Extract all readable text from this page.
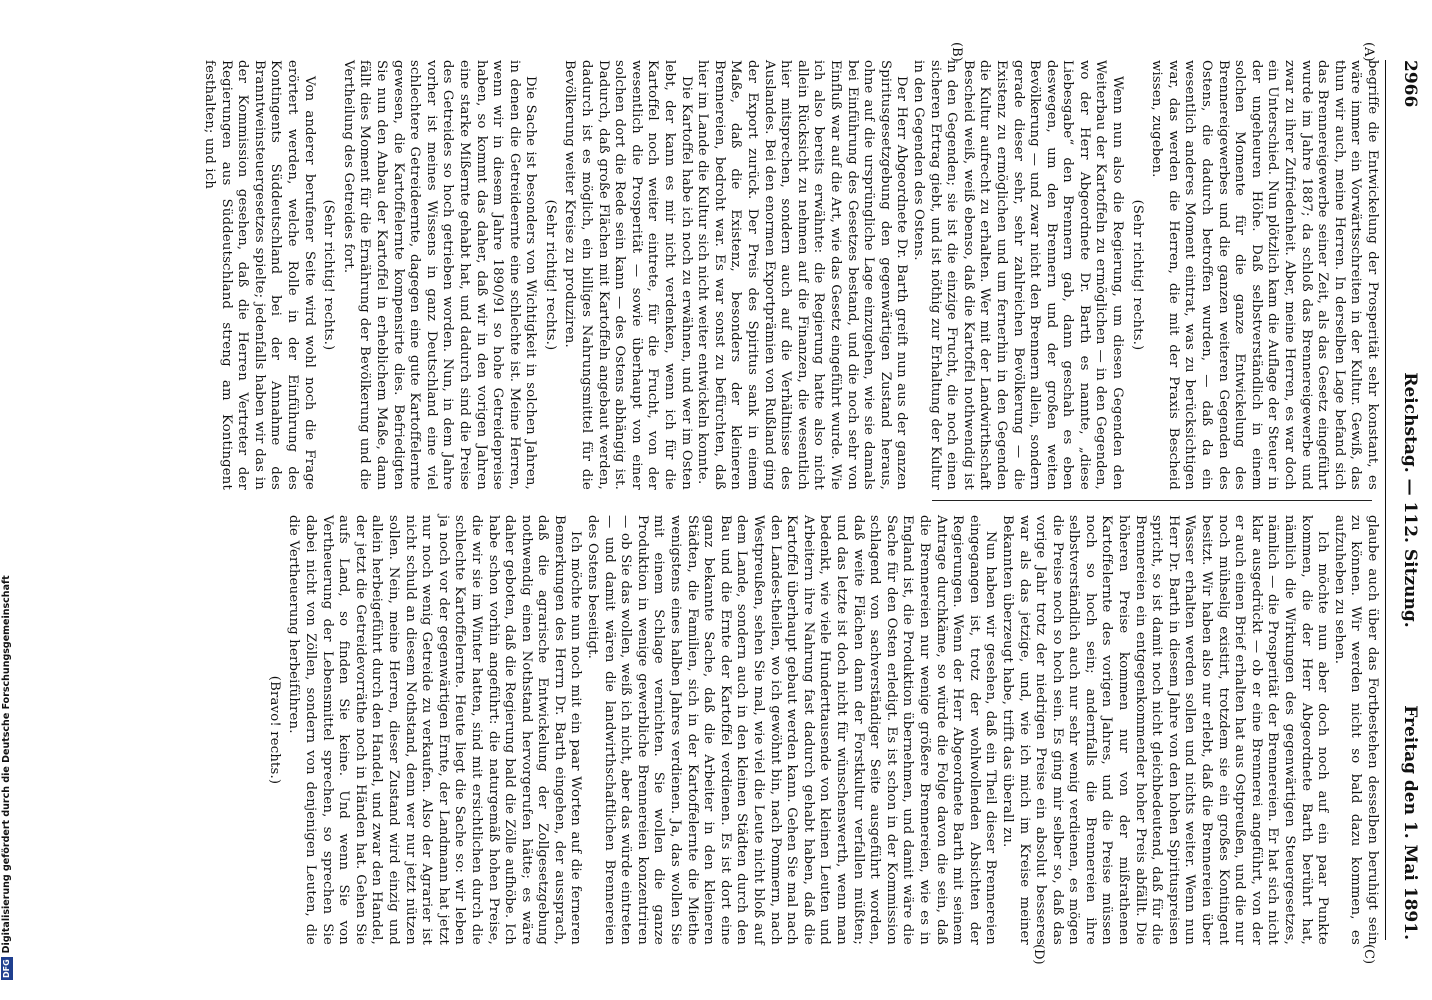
2966
Reichstag. — 112. Sitzung.
Freitag den 1. Mai 1891.
(A)
(B)
(C)
(D)

begriffe die Entwickelung der Prosperität sehr konstant, es wäre immer ein Vorwärtsschreiten in der Kultur. Gewiß, das thun wir auch, meine Herren. In derselben Lage befand sich das Brennereigewerbe seiner Zeit, als das Gesetz eingeführt wurde im Jahre 1887; da schloß das Brennereigewerbe und zwar zu ihrer Zufriedenheit. Aber, meine Herren, es war doch ein Unterschied. Nun plötzlich kam die Auflage der Steuer in der ungeheuren Höhe. Daß selbstverständlich in einem solchen Momente für die ganze Entwickelung des Brennereigewerbes und die ganzen weiteren Gegenden des Ostens, die dadurch betroffen wurden, — daß da ein wesentlich anderes Moment eintrat, was zu berücksichtigen war, das werden die Herren, die mit der Praxis Bescheid wissen, zugeben.

(Sehr richtig! rechts.)

Wenn nun also die Regierung, um diesen Gegenden den Weiterbau der Kartoffeln zu ermöglichen — in den Gegenden, wo der Herr Abgeordnete Dr. Barth es nannte, „diese Liebesgabe“ den Brennern gab, dann geschah es eben deswegen, um den Brennern und der großen weiten Bevölkerung — und zwar nicht den Brennern allein, sondern gerade dieser sehr, sehr zahlreichen Bevölkerung — die Existenz zu ermöglichen und um fernerhin in den Gegenden die Kultur aufrecht zu erhalten. Wer mit der Landwirthschaft Bescheid weiß, weiß ebenso, daß die Kartoffel nothwendig ist in den Gegenden; sie ist die einzige Frucht, die noch einen sicheren Ertrag giebt, und ist nöthig zur Erhaltung der Kultur in den Gegenden des Ostens.

Der Herr Abgeordnete Dr. Barth greift nun aus der ganzen Spiritusgesetzgebung den gegenwärtigen Zustand heraus, ohne auf die ursprüngliche Lage einzugehen, wie sie damals bei Einführung des Gesetzes bestand, und die noch sehr von Einfluß war auf die Art, wie das Gesetz eingeführt wurde. Wie ich also bereits erwähnte: die Regierung hatte also nicht allein Rücksicht zu nehmen auf die Finanzen, die wesentlich hier mitsprechen, sondern auch auf die Verhältnisse des Auslandes. Bei den enormen Exportprämien von Rußland ging der Export zurück. Der Preis des Spiritus sank in einem Maße, daß die Existenz, besonders der kleineren Brennereien, bedroht war. Es war sonst zu befürchten, daß hier im Lande die Kultur sich nicht weiter entwickeln konnte.

Die Kartoffel habe ich noch zu erwähnen, und wer im Osten lebt, der kann es mir nicht verdenken, wenn ich für die Kartoffel noch weiter eintrete, für die Frucht, von der wesentlich die Prosperität — sowie überhaupt von einer solchen dort die Rede sein kann — des Ostens abhängig ist. Dadurch, daß große Flächen mit Kartoffeln angebaut werden, dadurch ist es möglich, ein billiges Nahrungsmittel für die Bevölkerung weiter Kreise zu produziren.

(Sehr richtig! rechts.)

Die Sache ist besonders von Wichtigkeit in solchen Jahren, in denen die Getreideernte eine schlechte ist. Meine Herren, wenn wir in diesem Jahre 1890/91 so hohe Getreidepreise haben, so kommt das daher, daß wir in den vorigen Jahren eine starke Mißernte gehabt hat, und dadurch sind die Preise des Getreides so hoch getrieben worden. Nun, in dem Jahre vorher ist meines Wissens in ganz Deutschland eine viel schlechtere Getreideernte, dagegen eine gute Kartoffelernte gewesen, die Kartoffelernte kompensirte dies. Befriedigten Sie nun den Anbau der Kartoffel in erheblichem Maße, dann fällt dies Moment für die Ernährung der Bevölkerung und die Vertheilung des Getreides fort.

(Sehr richtig! rechts.)

Von anderer berufener Seite wird wohl noch die Frage erörtert werden, welche Rolle in der Einführung des Kontingents Süddeutschland bei der Annahme des Branntweinsteuergesetzes spielte; jedenfalls haben wir das in der Kommission gesehen, daß die Herren Vertreter der Regierungen aus Süddeutschland streng am Kontingent festhalten; und ich

glaube auch über das Fortbestehen desselben beruhigt sein zu können. Wir werden nicht so bald dazu kommen, es aufzuheben zu sehen.

Ich möchte nun aber doch noch auf ein paar Punkte kommen, die der Herr Abgeordnete Barth berührt hat, nämlich die Wirkungen des gegenwärtigen Steuergesetzes, nämlich — die Prosperität der Brennereien. Er hat sich nicht klar ausgedrückt — ob er eine Brennerei angeführt, von der er auch einen Brief erhalten hat aus Ostpreußen, und die nur noch mühselig existirt, trotzdem sie ein großes Kontingent besitzt. Wir haben also nur erlebt, daß die Brennereien über Wasser erhalten werden sollen und nichts weiter. Wenn nun Herr Dr. Barth in diesem Jahre von den hohen Spirituspreisen spricht, so ist damit noch nicht gleichbedeutend, daß für die Brennereien ein entgegenkommender hoher Preis abfällt. Die höheren Preise kommen nur von der mißrathenen Kartoffelernte des vorigen Jahres, und die Preise müssen noch so hoch sein; andernfalls die Brennereien ihre selbstverständlich auch nur sehr wenig verdienen, es mögen die Preise noch so hoch sein. Es ging mir selber so, daß das vorige Jahr trotz der niedrigen Preise ein absolut besseres war als das jetzige, und, wie ich mich im Kreise meiner Bekannten überzeugt habe, trifft das überall zu.

Nun haben wir gesehen, daß ein Theil dieser Brennereien eingegangen ist, trotz der wohlwollenden Absichten der Regierungen. Wenn der Herr Abgeordnete Barth mit seinem Antrage durchkäme, so würde die Folge davon die sein, daß die Brennereien nur wenige größere Brennereien, wie es in England ist, die Produktion übernehmen, und damit wäre die Sache für den Osten erledigt. Es ist schon in der Kommission schlagend von sachverständiger Seite ausgeführt worden, daß weite Flächen dann der Forstkultur verfallen müßten; und das letzte ist doch nicht für wünschenswerth, wenn man bedenkt, wie viele Hunderttausende von kleinen Leuten und Arbeitern ihre Nahrung fast dadurch gehabt haben, daß die Kartoffel überhaupt gebaut werden kann. Gehen Sie mal nach den Landes-theilen, wo ich gewöhnt bin, nach Pommern, nach Westpreußen, sehen Sie mal, wie viel die Leute nicht bloß auf dem Lande, sondern auch in den kleinen Städten durch den Bau und die Ernte der Kartoffel verdienen. Es ist dort eine ganz bekannte Sache, daß die Arbeiter in den kleineren Städten, die Familien, sich in der Kartoffelernte die Miethe wenigstens eines halben Jahres verdienen. Ja, das wollen Sie mit einem Schlage vernichten. Sie wollen die ganze Produktion in wenige gewerbliche Brennereien konzentriren — ob Sie das wollen, weiß ich nicht, aber das würde eintreten — und damit wären die landwirthschaftlichen Brennereien des Ostens beseitigt.

Ich möchte nun noch mit ein paar Worten auf die ferneren Bemerkungen des Herrn Dr. Barth eingehen, der aussprach, daß die agrarische Entwickelung der Zollgesetzgebung nothwendig einen Nothstand hervorgerufen hätte; es wäre daher geboten, daß die Regierung bald die Zölle aufhöbe. Ich habe schon vorhin angeführt: die naturgemäß hohen Preise, die wir sie im Winter hatten, sind mit ersichtlichen durch die schlechte Kartoffelernte. Heute liegt die Sache so: wir leben ja noch vor der gegenwärtigen Ernte, der Landmann hat jetzt nur noch wenig Getreide zu verkaufen. Also der Agrarier ist nicht schuld an diesem Nothstand, denn wer nur jetzt nützen sollen. Nein, meine Herren, dieser Zustand wird einzig und allein herbeigeführt durch den Handel, und zwar den Handel, der jetzt die Getreidevorräthe noch in Händen hat. Gehen Sie aufs Land, so finden Sie keine. Und wenn Sie von Vertheuerung der Lebensmittel sprechen, so sprechen Sie dabei nicht von Zöllen, sondern von denjenigen Leuten, die die Vertheuerung herbeiführen.

(Bravo! rechts.)

DFGDigitalisierung gefördert durch die Deutsche Forschungsgemeinschaft
